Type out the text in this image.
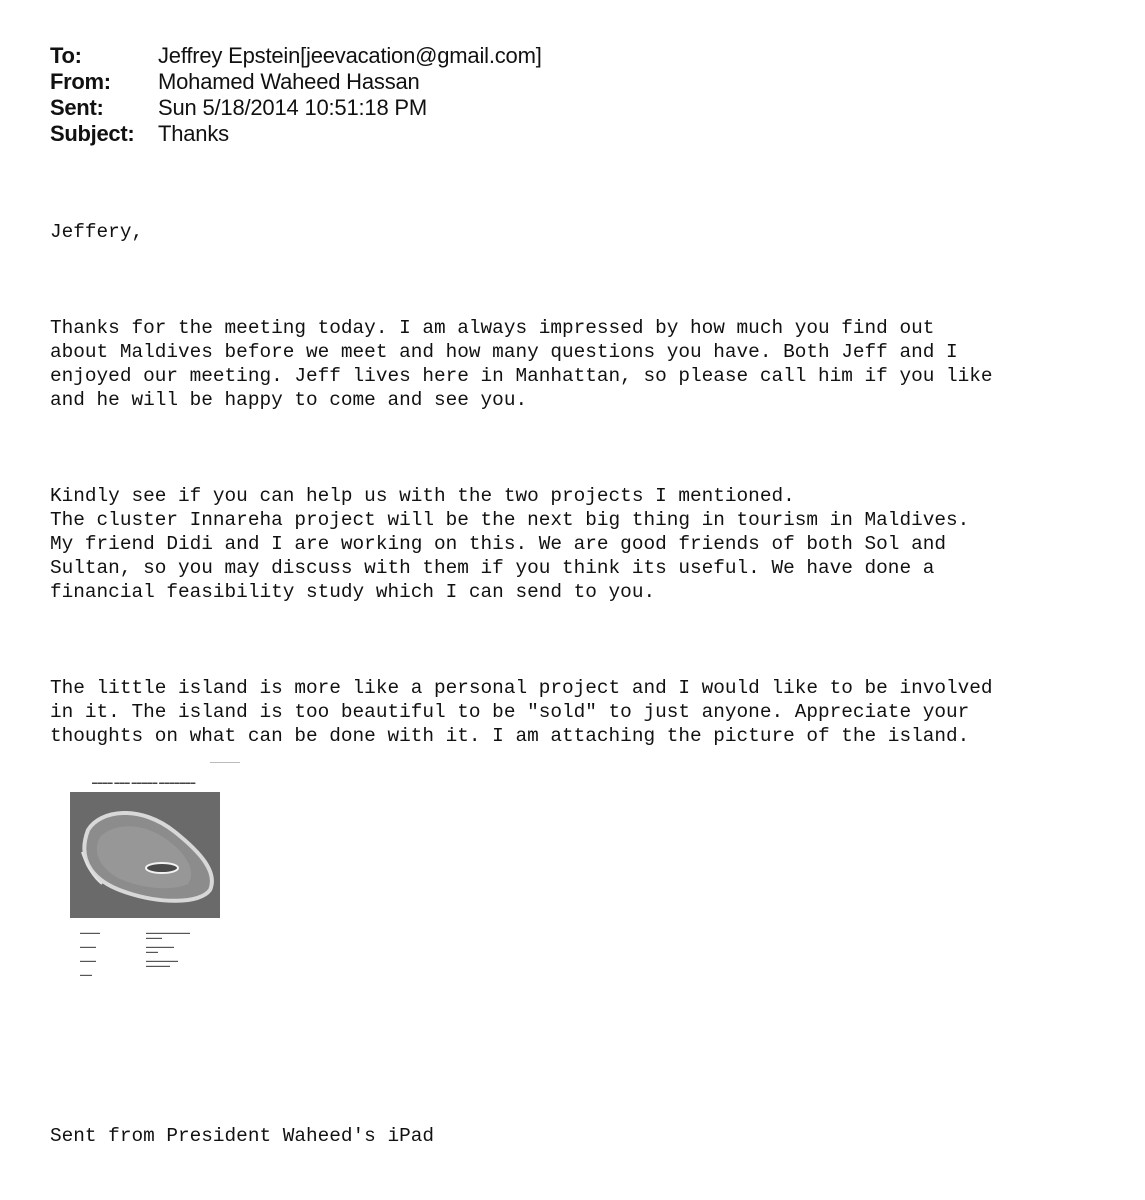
To:	Jeffrey Epstein[jeevacation@gmail.com]
From:	Mohamed Waheed Hassan
Sent:	Sun 5/18/2014 10:51:18 PM
Subject:	Thanks

Jeffery,

Thanks for the meeting today. I am always impressed by how much you find out
about Maldives before we meet and how many questions you have. Both Jeff and I
enjoyed our meeting. Jeff lives here in Manhattan, so please call him if you like
and he will be happy to come and see you.

Kindly see if you can help us with the two projects I mentioned.
The cluster Innareha project will be the next big thing in tourism in Maldives.
My friend Didi and I are working on this. We are good friends of both Sol and
Sultan, so you may discuss with them if you think its useful. We have done a
financial feasibility study which I can send to you.

The little island is more like a personal project and I would like to be involved
in it. The island is too beautiful to be "sold" to just anyone. Appreciate your
thoughts on what can be done with it. I am attaching the picture of the island.

▬▬▬▬ ▬▬▬ ▬▬▬▬▬ ▬▬▬▬▬▬▬
▬▬▬▬▬	▬▬▬▬▬▬▬▬▬▬▬
▬▬▬▬
▬▬▬▬	▬▬▬▬▬▬▬
▬▬▬
▬▬▬▬	▬▬▬▬▬▬▬▬
▬▬▬▬▬▬
▬▬▬
Sent from President Waheed's iPad
